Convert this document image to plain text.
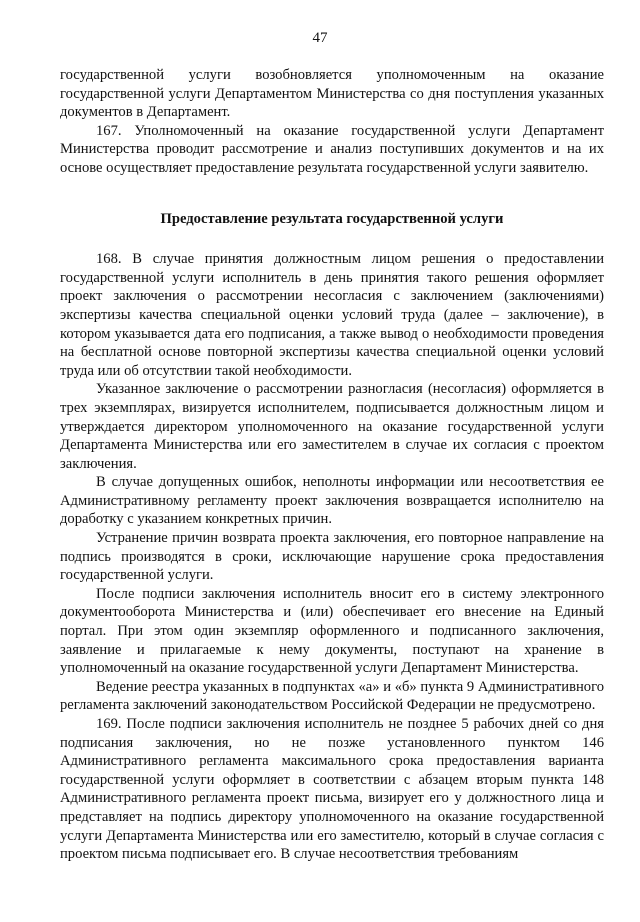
47

государственной услуги возобновляется уполномоченным на оказание государственной услуги Департаментом Министерства со дня поступления указанных документов в Департамент.

167. Уполномоченный на оказание государственной услуги Департамент Министерства проводит рассмотрение и анализ поступивших документов и на их основе осуществляет предоставление результата государственной услуги заявителю.

Предоставление результата государственной услуги

168. В случае принятия должностным лицом решения о предоставлении государственной услуги исполнитель в день принятия такого решения оформляет проект заключения о рассмотрении несогласия с заключением (заключениями) экспертизы качества специальной оценки условий труда (далее – заключение), в котором указывается дата его подписания, а также вывод о необходимости проведения на бесплатной основе повторной экспертизы качества специальной оценки условий труда или об отсутствии такой необходимости.

Указанное заключение о рассмотрении разногласия (несогласия) оформляется в трех экземплярах, визируется исполнителем, подписывается должностным лицом и утверждается директором уполномоченного на оказание государственной услуги Департамента Министерства или его заместителем в случае их согласия с проектом заключения.

В случае допущенных ошибок, неполноты информации или несоответствия ее Административному регламенту проект заключения возвращается исполнителю на доработку с указанием конкретных причин.

Устранение причин возврата проекта заключения, его повторное направление на подпись производятся в сроки, исключающие нарушение срока предоставления государственной услуги.

После подписи заключения исполнитель вносит его в систему электронного документооборота Министерства и (или) обеспечивает его внесение на Единый портал. При этом один экземпляр оформленного и подписанного заключения, заявление и прилагаемые к нему документы, поступают на хранение в уполномоченный на оказание государственной услуги Департамент Министерства.

Ведение реестра указанных в подпунктах «а» и «б» пункта 9 Административного регламента заключений законодательством Российской Федерации не предусмотрено.

169. После подписи заключения исполнитель не позднее 5 рабочих дней со дня подписания заключения, но не позже установленного пунктом 146 Административного регламента максимального срока предоставления варианта государственной услуги оформляет в соответствии с абзацем вторым пункта 148 Административного регламента проект письма, визирует его у должностного лица и представляет на подпись директору уполномоченного на оказание государственной услуги Департамента Министерства или его заместителю, который в случае согласия с проектом письма подписывает его. В случае несоответствия требованиям
